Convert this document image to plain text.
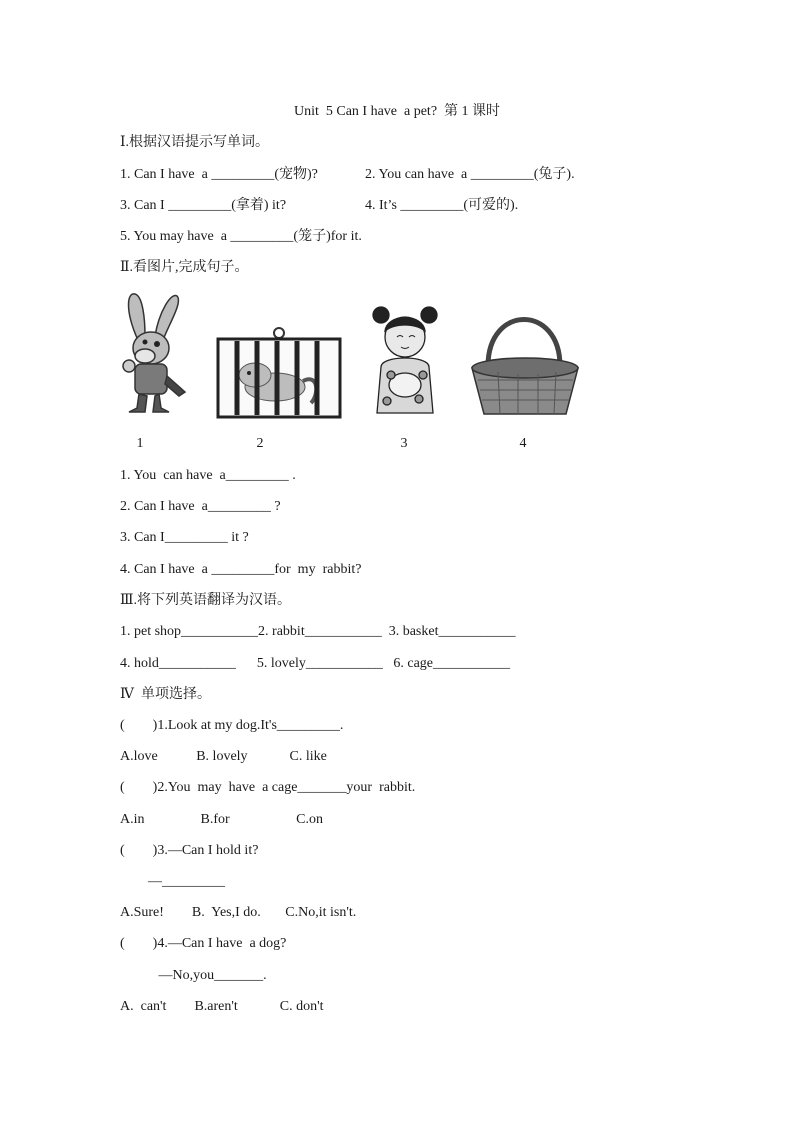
Unit  5 Can I have  a pet?  第 1 课时
Ⅰ.根据汉语提示写单词。
1. Can I have  a _________(宠物)?	2. You can have  a _________(兔子).
3. Can I _________(拿着) it?	4. It’s _________(可爱的).
5. You may have  a _________(笼子)for it.
Ⅱ.看图片,完成句子。
1	2	3	4
1. You  can have  a_________ .
2. Can I have  a_________ ?
3. Can I_________ it ?
4. Can I have  a _________for  my  rabbit?
Ⅲ.将下列英语翻译为汉语。
1. pet shop___________2. rabbit___________  3. basket___________
4. hold___________      5. lovely___________   6. cage___________
Ⅳ  单项选择。
(        )1.Look at my dog.It's_________.
A.love           B. lovely            C. like
(        )2.You  may  have  a cage_______your  rabbit.
A.in                B.for                   C.on
(        )3.—Can I hold it?
—_________
A.Sure!        B.  Yes,I do.       C.No,it isn't.
(        )4.—Can I have  a dog?
—No,you_______.
A.  can't        B.aren't            C. don't
